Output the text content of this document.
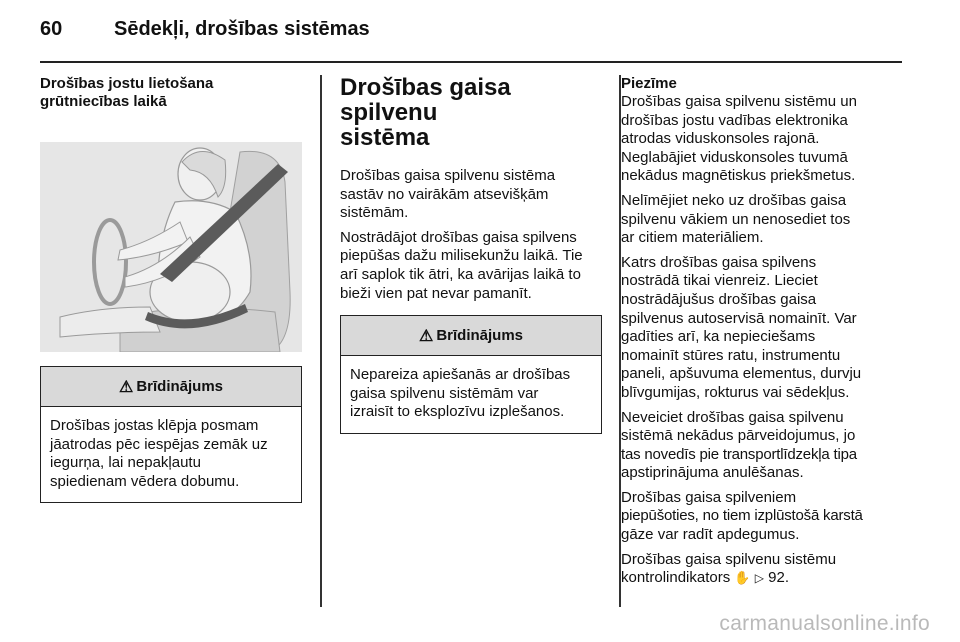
60	Sēdekļi, drošības sistēmas
Drošības jostu lietošana
grūtniecības laikā
⚠ Brīdinājums

Drošības jostas klēpja posmam

jāatrodas pēc iespējas zemāk uz

iegurņa, lai nepakļautu

spiedienam vēdera dobumu.

Drošības gaisa spilvenu
sistēma

Drošības gaisa spilvenu sistēma

sastāv no vairākām atsevišķām

sistēmām.

Nostrādājot drošības gaisa spilvens

piepūšas dažu milisekunžu laikā. Tie

arī saplok tik ātri, ka avārijas laikā to

bieži vien pat nevar pamanīt.

⚠ Brīdinājums

Nepareiza apiešanās ar drošības

gaisa spilvenu sistēmām var

izraisīt to eksplozīvu izplešanos.

Piezīme

Drošības gaisa spilvenu sistēmu un

drošības jostu vadības elektronika

atrodas viduskonsoles rajonā.

Neglabājiet viduskonsoles tuvumā

nekādus magnētiskus priekšmetus.

Nelīmējiet neko uz drošības gaisa

spilvenu vākiem un nenosediet tos

ar citiem materiāliem.

Katrs drošības gaisa spilvens

nostrādā tikai vienreiz. Lieciet

nostrādājušus drošības gaisa

spilvenus autoservisā nomainīt. Var

gadīties arī, ka nepieciešams

nomainīt stūres ratu, instrumentu

paneli, apšuvuma elementus, durvju

blīvgumijas, rokturus vai sēdekļus.

Neveiciet drošības gaisa spilvenu

sistēmā nekādus pārveidojumus, jo

tas novedīs pie transportlīdzekļa tipa

apstiprinājuma anulēšanas.

Drošības gaisa spilveniem

piepūšoties, no tiem izplūstošā karstā

gāze var radīt apdegumus.

Drošības gaisa spilvenu sistēmu

kontrolindikators ✋ ▷ 92.

carmanualsonline.info
